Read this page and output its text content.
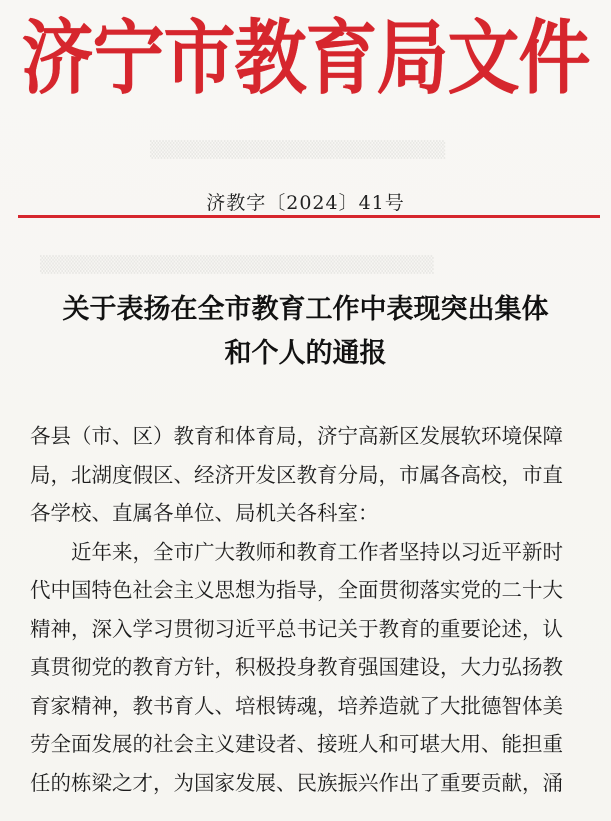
▒▒▒▒▒▒▒▒▒▒▒▒▒▒▒▒▒▒▒▒▒▒▒▒
▒▒▒▒▒▒▒▒▒▒▒▒▒▒▒▒▒▒▒▒▒▒▒▒▒▒▒▒▒▒▒▒
济宁市教育局文件
济教字〔2024〕41号
关于表扬在全市教育工作中表现突出集体
和个人的通报
各县（市、区）教育和体育局，济宁高新区发展软环境保障
局，北湖度假区、经济开发区教育分局，市属各高校，市直
各学校、直属各单位、局机关各科室：
近年来，全市广大教师和教育工作者坚持以习近平新时
代中国特色社会主义思想为指导，全面贯彻落实党的二十大
精神，深入学习贯彻习近平总书记关于教育的重要论述，认
真贯彻党的教育方针，积极投身教育强国建设，大力弘扬教
育家精神，教书育人、培根铸魂，培养造就了大批德智体美
劳全面发展的社会主义建设者、接班人和可堪大用、能担重
任的栋梁之才，为国家发展、民族振兴作出了重要贡献，涌
